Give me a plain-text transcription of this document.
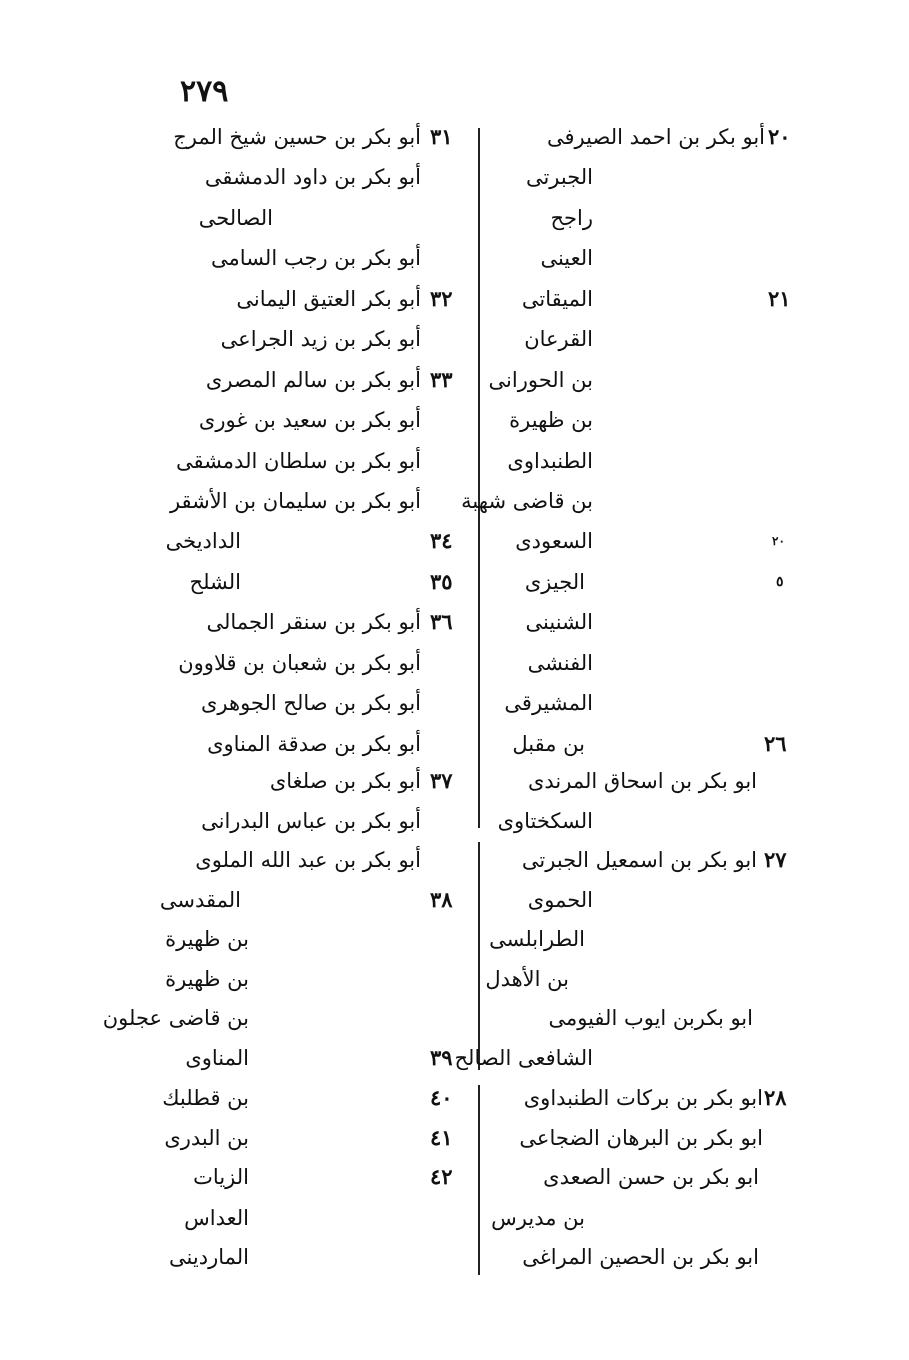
٢٧٩
٢٠
٢١
٢٠
٥
٢٦
٢٧
٢٨
أبو بكر بن احمد الصيرفى
الجبرتى
راجح
العينى
الميقاتى
القرعان
بن الحورانى
بن ظهيرة
الطنبداوى
بن قاضى شهبة
السعودى
الجيزى
الشنينى
الفنشى
المشيرقى
بن مقبل
ابو بكر بن اسحاق المرندى
السكختاوى
ابو بكر بن اسمعيل الجبرتى
الحموى
الطرابلسى
بن الأهدل
ابو بكربن ايوب الفيومى
الشافعى الصالح
ابو بكر بن بركات الطنبداوى
ابو بكر بن البرهان الضجاعى
ابو بكر بن حسن الصعدى
بن مديرس
ابو بكر بن الحصين المراغى
٣١
٣٢
٣٣
٣٤
٣٥
٣٦
٣٧
٣٨
٣٩
٤٠
٤١
٤٢
أبو بكر بن حسين شيخ المرج
أبو بكر بن داود الدمشقى
الصالحى
أبو بكر بن رجب السامى
أبو بكر العتيق اليمانى
أبو بكر بن زيد الجراعى
أبو بكر بن سالم المصرى
أبو بكر بن سعيد بن غورى
أبو بكر بن سلطان الدمشقى
أبو بكر بن سليمان بن الأشقر
الداديخى
الشلح
أبو بكر بن سنقر الجمالى
أبو بكر بن شعبان بن قلاوون
أبو بكر بن صالح الجوهرى
أبو بكر بن صدقة المناوى
أبو بكر بن صلغاى
أبو بكر بن عباس البدرانى
أبو بكر بن عبد الله الملوى
المقدسى
بن ظهيرة
بن ظهيرة
بن قاضى عجلون
المناوى
بن قطلبك
بن البدرى
الزيات
العداس
الماردينى
